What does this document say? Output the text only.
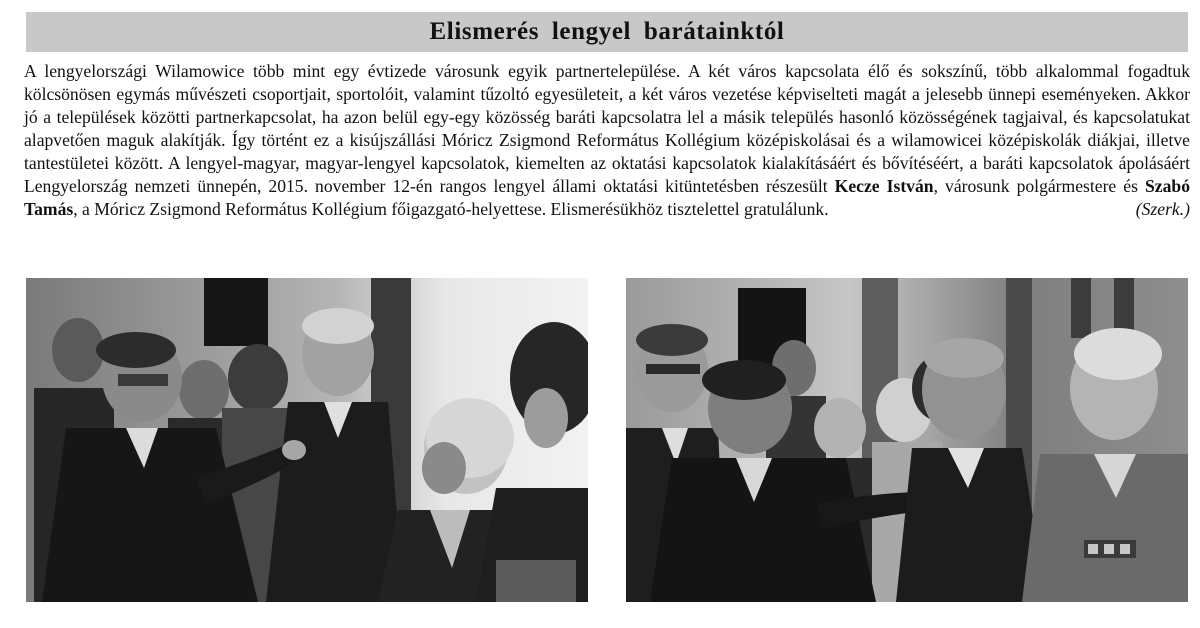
Elismerés lengyel barátainktól
A lengyelországi Wilamowice több mint egy évtizede városunk egyik partnertelepülése. A két város kapcsolata élő és sokszínű, több alkalommal fogadtuk kölcsönösen egymás művészeti csoportjait, sportolóit, valamint tűzoltó egyesületeit, a két város vezetése képviselteti magát a jelesebb ünnepi eseményeken. Akkor jó a települések közötti partnerkapcsolat, ha azon belül egy-egy közösség baráti kapcsolatra lel a másik település hasonló közösségének tagjaival, és kapcsolatukat alapvetően maguk alakítják. Így történt ez a kisújszállási Móricz Zsigmond Református Kollégium középiskolásai és a wilamowicei középiskolák diákjai, illetve tantestületei között. A lengyel-magyar, magyar-lengyel kapcsolatok, kiemelten az oktatási kapcsolatok kialakításáért és bővítéséért, a baráti kapcsolatok ápolásáért Lengyelország nemzeti ünnepén, 2015. november 12-én rangos lengyel állami oktatási kitüntetésben részesült Kecze István, városunk polgármestere és Szabó Tamás, a Móricz Zsigmond Református Kollégium főigazgató-helyettese. Elismerésükhöz tisztelettel gratulálunk.	(Szerk.)
